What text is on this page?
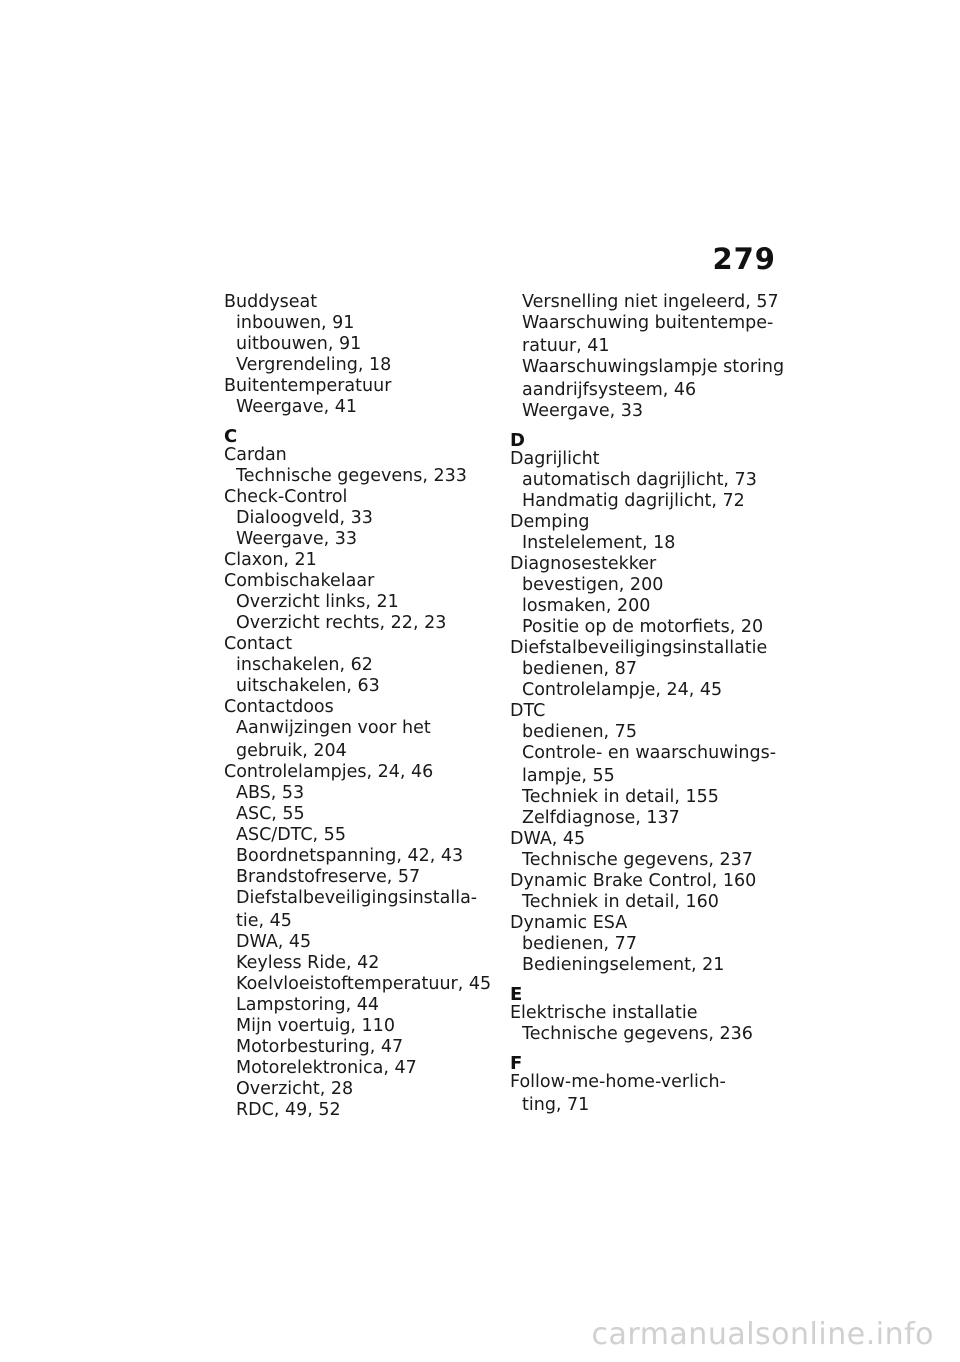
279
Buddyseat
inbouwen, 91
uitbouwen, 91
Vergrendeling, 18
Buitentemperatuur
Weergave, 41
C
Cardan
Technische gegevens, 233
Check-Control
Dialoogveld, 33
Weergave, 33
Claxon, 21
Combischakelaar
Overzicht links, 21
Overzicht rechts, 22, 23
Contact
inschakelen, 62
uitschakelen, 63
Contactdoos
Aanwijzingen voor het
gebruik, 204
Controlelampjes, 24, 46
ABS, 53
ASC, 55
ASC/DTC, 55
Boordnetspanning, 42, 43
Brandstofreserve, 57
Diefstalbeveiligingsinstalla-
tie, 45
DWA, 45
Keyless Ride, 42
Koelvloeistoftemperatuur, 45
Lampstoring, 44
Mijn voertuig, 110
Motorbesturing, 47
Motorelektronica, 47
Overzicht, 28
RDC, 49, 52
Versnelling niet ingeleerd, 57
Waarschuwing buitentempe-
ratuur, 41
Waarschuwingslampje storing
aandrijfsysteem, 46
Weergave, 33
D
Dagrijlicht
automatisch dagrijlicht, 73
Handmatig dagrijlicht, 72
Demping
Instelelement, 18
Diagnosestekker
bevestigen, 200
losmaken, 200
Positie op de motorfiets, 20
Diefstalbeveiligingsinstallatie
bedienen, 87
Controlelampje, 24, 45
DTC
bedienen, 75
Controle- en waarschuwings-
lampje, 55
Techniek in detail, 155
Zelfdiagnose, 137
DWA, 45
Technische gegevens, 237
Dynamic Brake Control, 160
Techniek in detail, 160
Dynamic ESA
bedienen, 77
Bedieningselement, 21
E
Elektrische installatie
Technische gegevens, 236
F
Follow-me-home-verlich-
ting, 71
carmanualsonline.info
